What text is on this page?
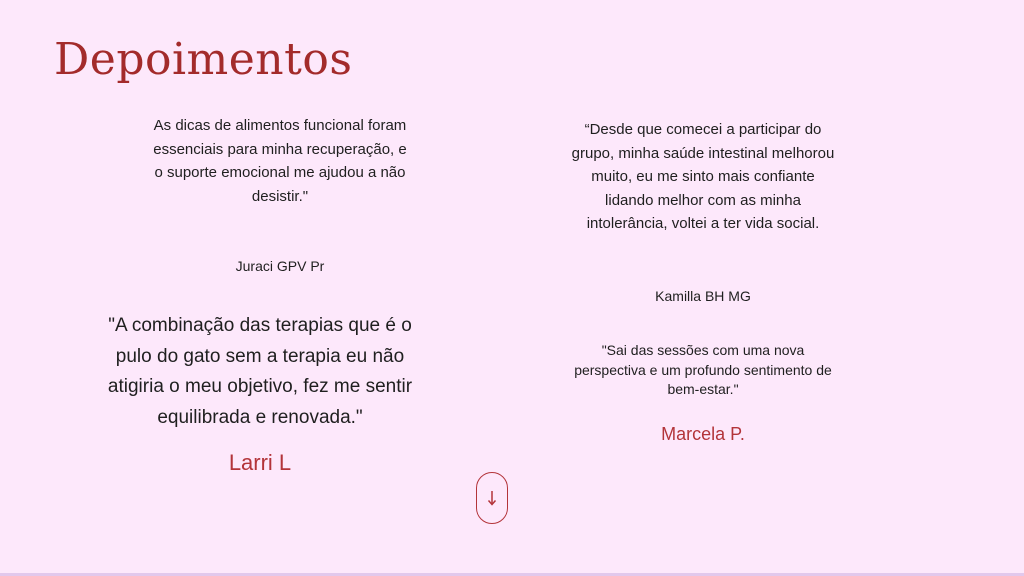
Depoimentos
As dicas de alimentos funcional foram essenciais para minha recuperação, e o suporte emocional me ajudou a não desistir."
Juraci GPV Pr
"A combinação das terapias que é o pulo do gato sem a terapia eu não atigiria o meu objetivo, fez me sentir equilibrada e renovada."
Larri L
“Desde que comecei a participar do grupo, minha saúde intestinal melhorou muito, eu me sinto mais confiante lidando melhor com as minha intolerância, voltei a ter vida social.
Kamilla BH MG
"Sai das sessões com uma nova perspectiva e um profundo sentimento de bem-estar."
Marcela P.
